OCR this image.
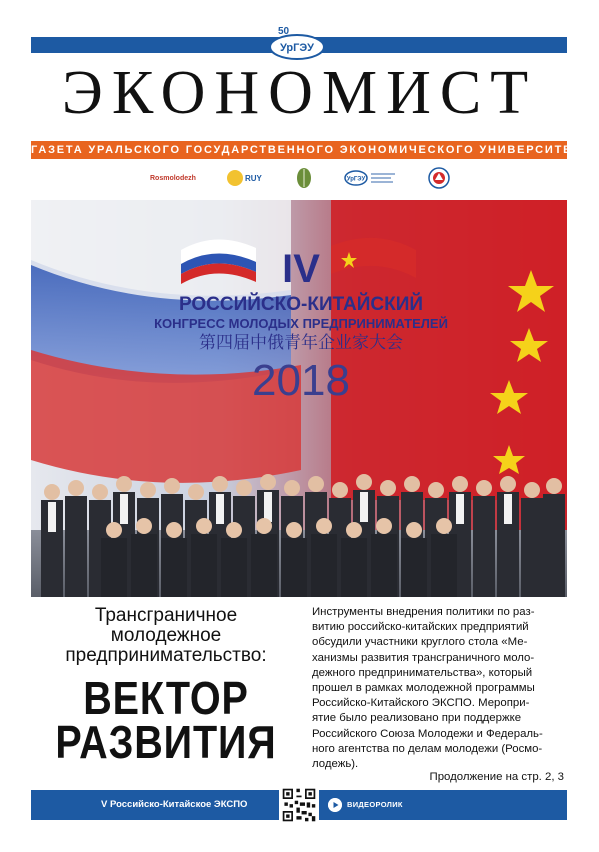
50
УрГЭУ
ЭКОНОМИСТ
ГАЗЕТА УРАЛЬСКОГО ГОСУДАРСТВЕННОГО ЭКОНОМИЧЕСКОГО УНИВЕРСИТЕТА
Rosmolodezh	RUY	УрГЭУ
IV
РОССИЙСКО-КИТАЙСКИЙ
КОНГРЕСС МОЛОДЫХ ПРЕДПРИНИМАТЕЛЕЙ
第四届中俄青年企业家大会
2018
Трансграничное
молодежное
предпринимательство:
ВЕКТОР
РАЗВИТИЯ
Инструменты внедрения политики по раз-
витию российско-китайских предприятий
обсудили участники круглого стола «Ме-
ханизмы развития трансграничного моло-
дежного предпринимательства», который
прошел в рамках молодежной программы
Российско-Китайского ЭКСПО. Меропри-
ятие было реализовано при поддержке
Российского Союза Молодежи и Федераль-
ного агентства по делам молодежи (Росмо-
лодежь).
Продолжение на стр. 2, 3
V Российско-Китайское ЭКСПО	ВИДЕОРОЛИК
